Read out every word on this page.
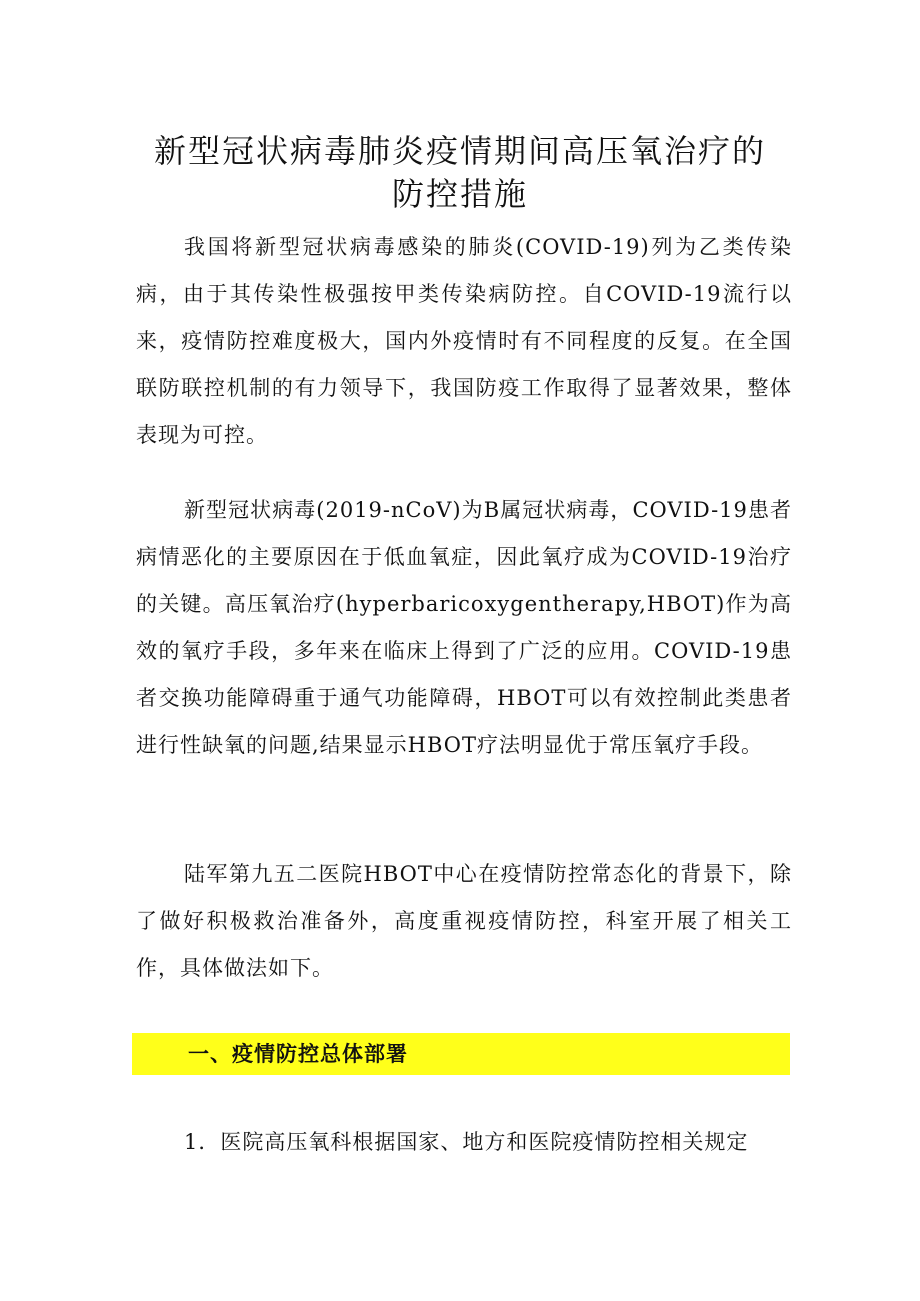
新型冠状病毒肺炎疫情期间高压氧治疗的
防控措施

我国将新型冠状病毒感染的肺炎(COVID-19)列为乙类传染病，由于其传染性极强按甲类传染病防控。自COVID-19流行以来，疫情防控难度极大，国内外疫情时有不同程度的反复。在全国联防联控机制的有力领导下，我国防疫工作取得了显著效果，整体表现为可控。

新型冠状病毒(2019-nCoV)为B属冠状病毒，COVID-19患者病情恶化的主要原因在于低血氧症，因此氧疗成为COVID-19治疗的关键。高压氧治疗(hyperbaricoxygentherapy,HBOT)作为高效的氧疗手段，多年来在临床上得到了广泛的应用。COVID-19患者交换功能障碍重于通气功能障碍，HBOT可以有效控制此类患者进行性缺氧的问题,结果显示HBOT疗法明显优于常压氧疗手段。

陆军第九五二医院HBOT中心在疫情防控常态化的背景下，除了做好积极救治准备外，高度重视疫情防控，科室开展了相关工作，具体做法如下。

一、疫情防控总体部署

1．医院高压氧科根据国家、地方和医院疫情防控相关规定
